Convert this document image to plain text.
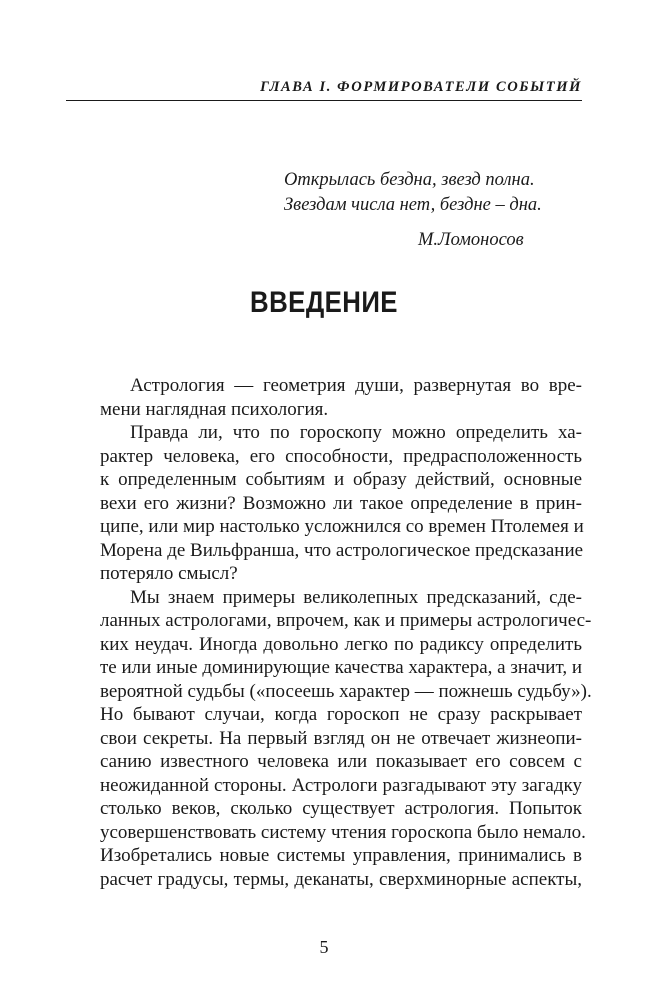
ГЛАВА I. ФОРМИРОВАТЕЛИ СОБЫТИЙ
Открылась бездна, звезд полна.
Звездам числа нет, бездне – дна.
М.Ломоносов
ВВЕДЕНИЕ
Астрология — геометрия души, развернутая во вре-
мени наглядная психология.
Правда ли, что по гороскопу можно определить ха-
рактер человека, его способности, предрасположенность
к определенным событиям и образу действий, основные
вехи его жизни? Возможно ли такое определение в прин-
ципе, или мир настолько усложнился со времен Птолемея и
Морена де Вильфранша, что астрологическое предсказание
потеряло смысл?
Мы знаем примеры великолепных предсказаний, сде-
ланных астрологами, впрочем, как и примеры астрологичес-
ких неудач. Иногда довольно легко по радиксу определить
те или иные доминирующие качества характера, а значит, и
вероятной судьбы («посеешь характер — пожнешь судьбу»).
Но бывают случаи, когда гороскоп не сразу раскрывает
свои секреты. На первый взгляд он не отвечает жизнеопи-
санию известного человека или показывает его совсем с
неожиданной стороны. Астрологи разгадывают эту загадку
столько веков, сколько существует астрология. Попыток
усовершенствовать систему чтения гороскопа было немало.
Изобретались новые системы управления, принимались в
расчет градусы, термы, деканаты, сверхминорные аспекты,
5
